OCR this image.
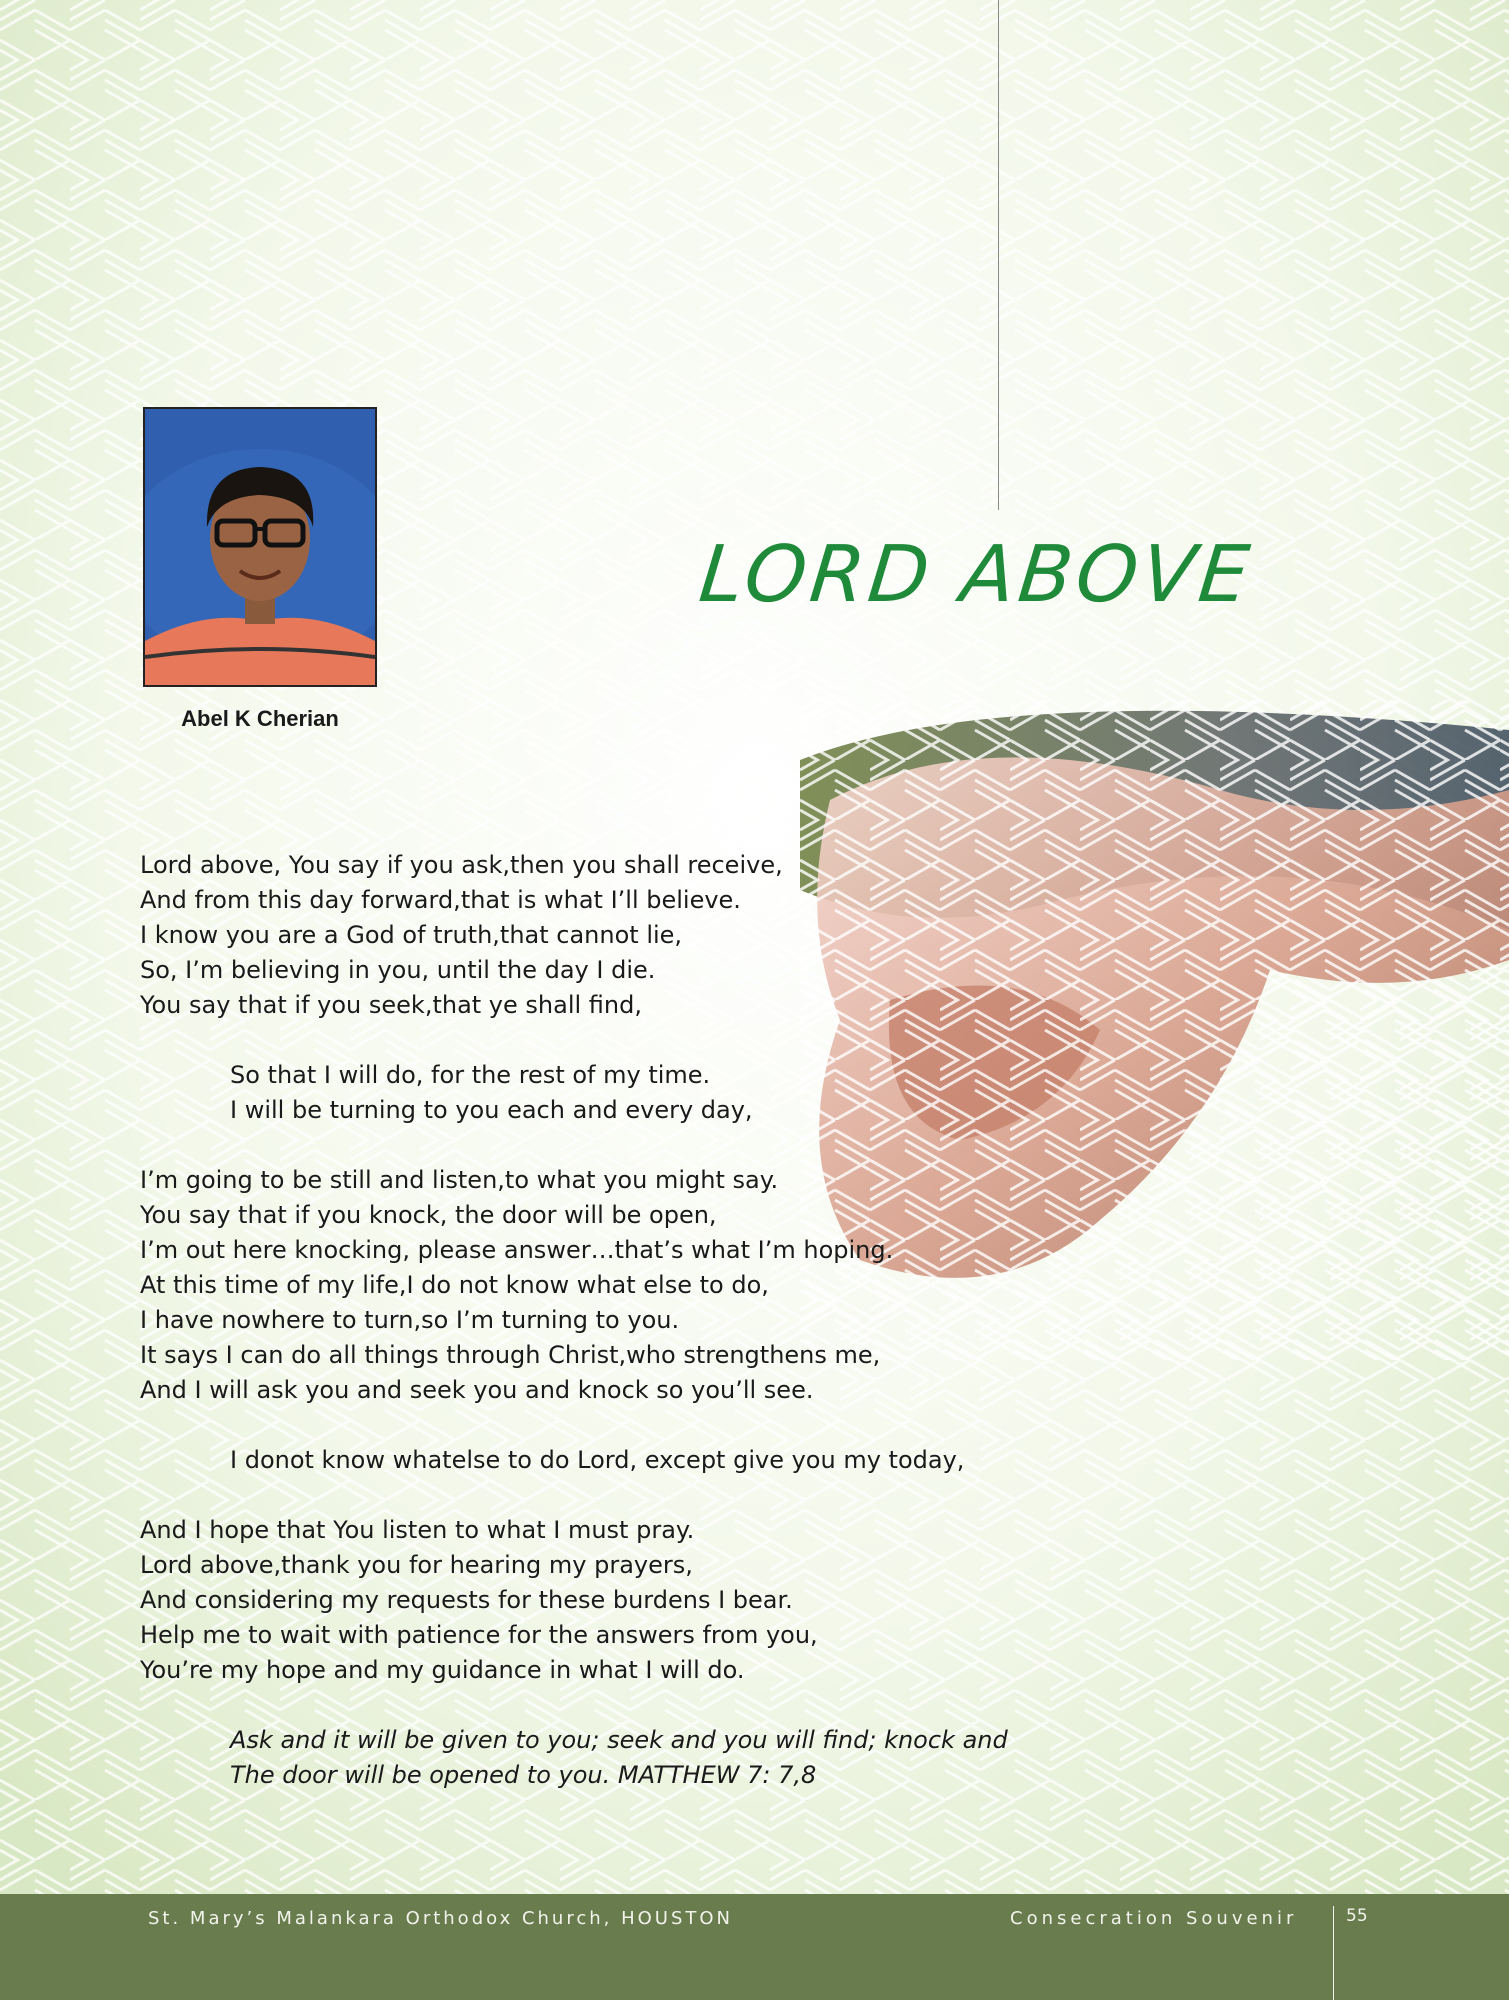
Abel K Cherian
LORD ABOVE
Lord above, You say if you ask,then you shall receive,
And from this day forward,that is what I’ll believe.
I know you are a God of truth,that cannot lie,
So, I’m believing in you, until the day I die.
You say that if you seek,that ye shall find,
So that I will do, for the rest of my time.
I will be turning to you each and every day,
I’m going to be still and listen,to what you might say.
You say that if you knock, the door will be open,
I’m out here knocking, please answer…that’s what I’m hoping.
At this time of my life,I do not know what else to do,
I have nowhere to turn,so I’m turning to you.
It says I can do all things through Christ,who strengthens me,
And I will ask you and seek you and knock so you’ll see.
I donot know whatelse to do Lord, except give you my today,
And I hope that You listen to what I must pray.
Lord above,thank you for hearing my prayers,
And considering my requests for these burdens I bear.
Help me to wait with patience for the answers from you,
You’re my hope and my guidance in what I will do.
Ask and it will be given to you; seek and you will find; knock and
The door will be opened to you. MATTHEW 7: 7,8
St. Mary’s Malankara Orthodox Church, HOUSTON	Consecration Souvenir	55
